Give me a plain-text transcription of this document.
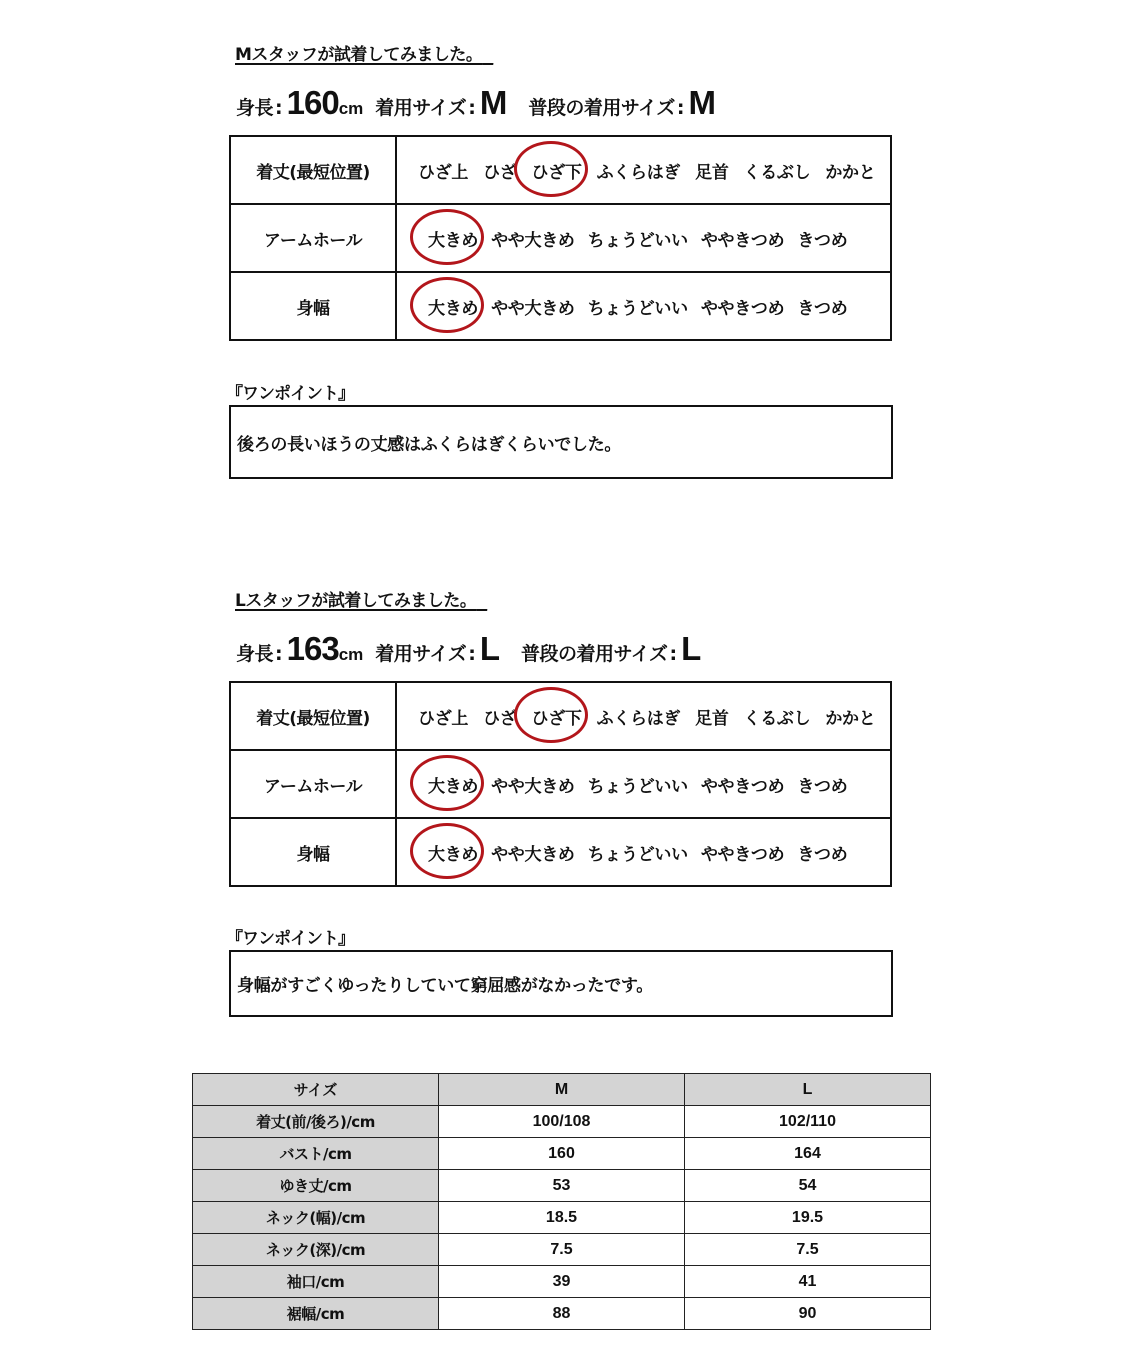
Mスタッフが試着してみました。
身長 : 160 cm 着用サイズ : M 普段の着用サイズ : M
着丈(最短位置)	ひざ上 ひざ ひざ下 ふくらはぎ 足首 くるぶし かかと

アームホール	大きめ やや大きめ ちょうどいい ややきつめ きつめ

身幅	大きめ やや大きめ ちょうどいい ややきつめ きつめ
『ワンポイント』
後ろの長いほうの丈感はふくらはぎくらいでした。
Lスタッフが試着してみました。
身長 : 163 cm 着用サイズ : L 普段の着用サイズ : L
着丈(最短位置)	ひざ上 ひざ ひざ下 ふくらはぎ 足首 くるぶし かかと

アームホール	大きめ やや大きめ ちょうどいい ややきつめ きつめ

身幅	大きめ やや大きめ ちょうどいい ややきつめ きつめ
『ワンポイント』
身幅がすごくゆったりしていて窮屈感がなかったです。
サイズ	M	L
着丈(前/後ろ)/cm	100/108	102/110
バスト/cm	160	164
ゆき丈/cm	53	54
ネック(幅)/cm	18.5	19.5
ネック(深)/cm	7.5	7.5
袖口/cm	39	41
裾幅/cm	88	90
